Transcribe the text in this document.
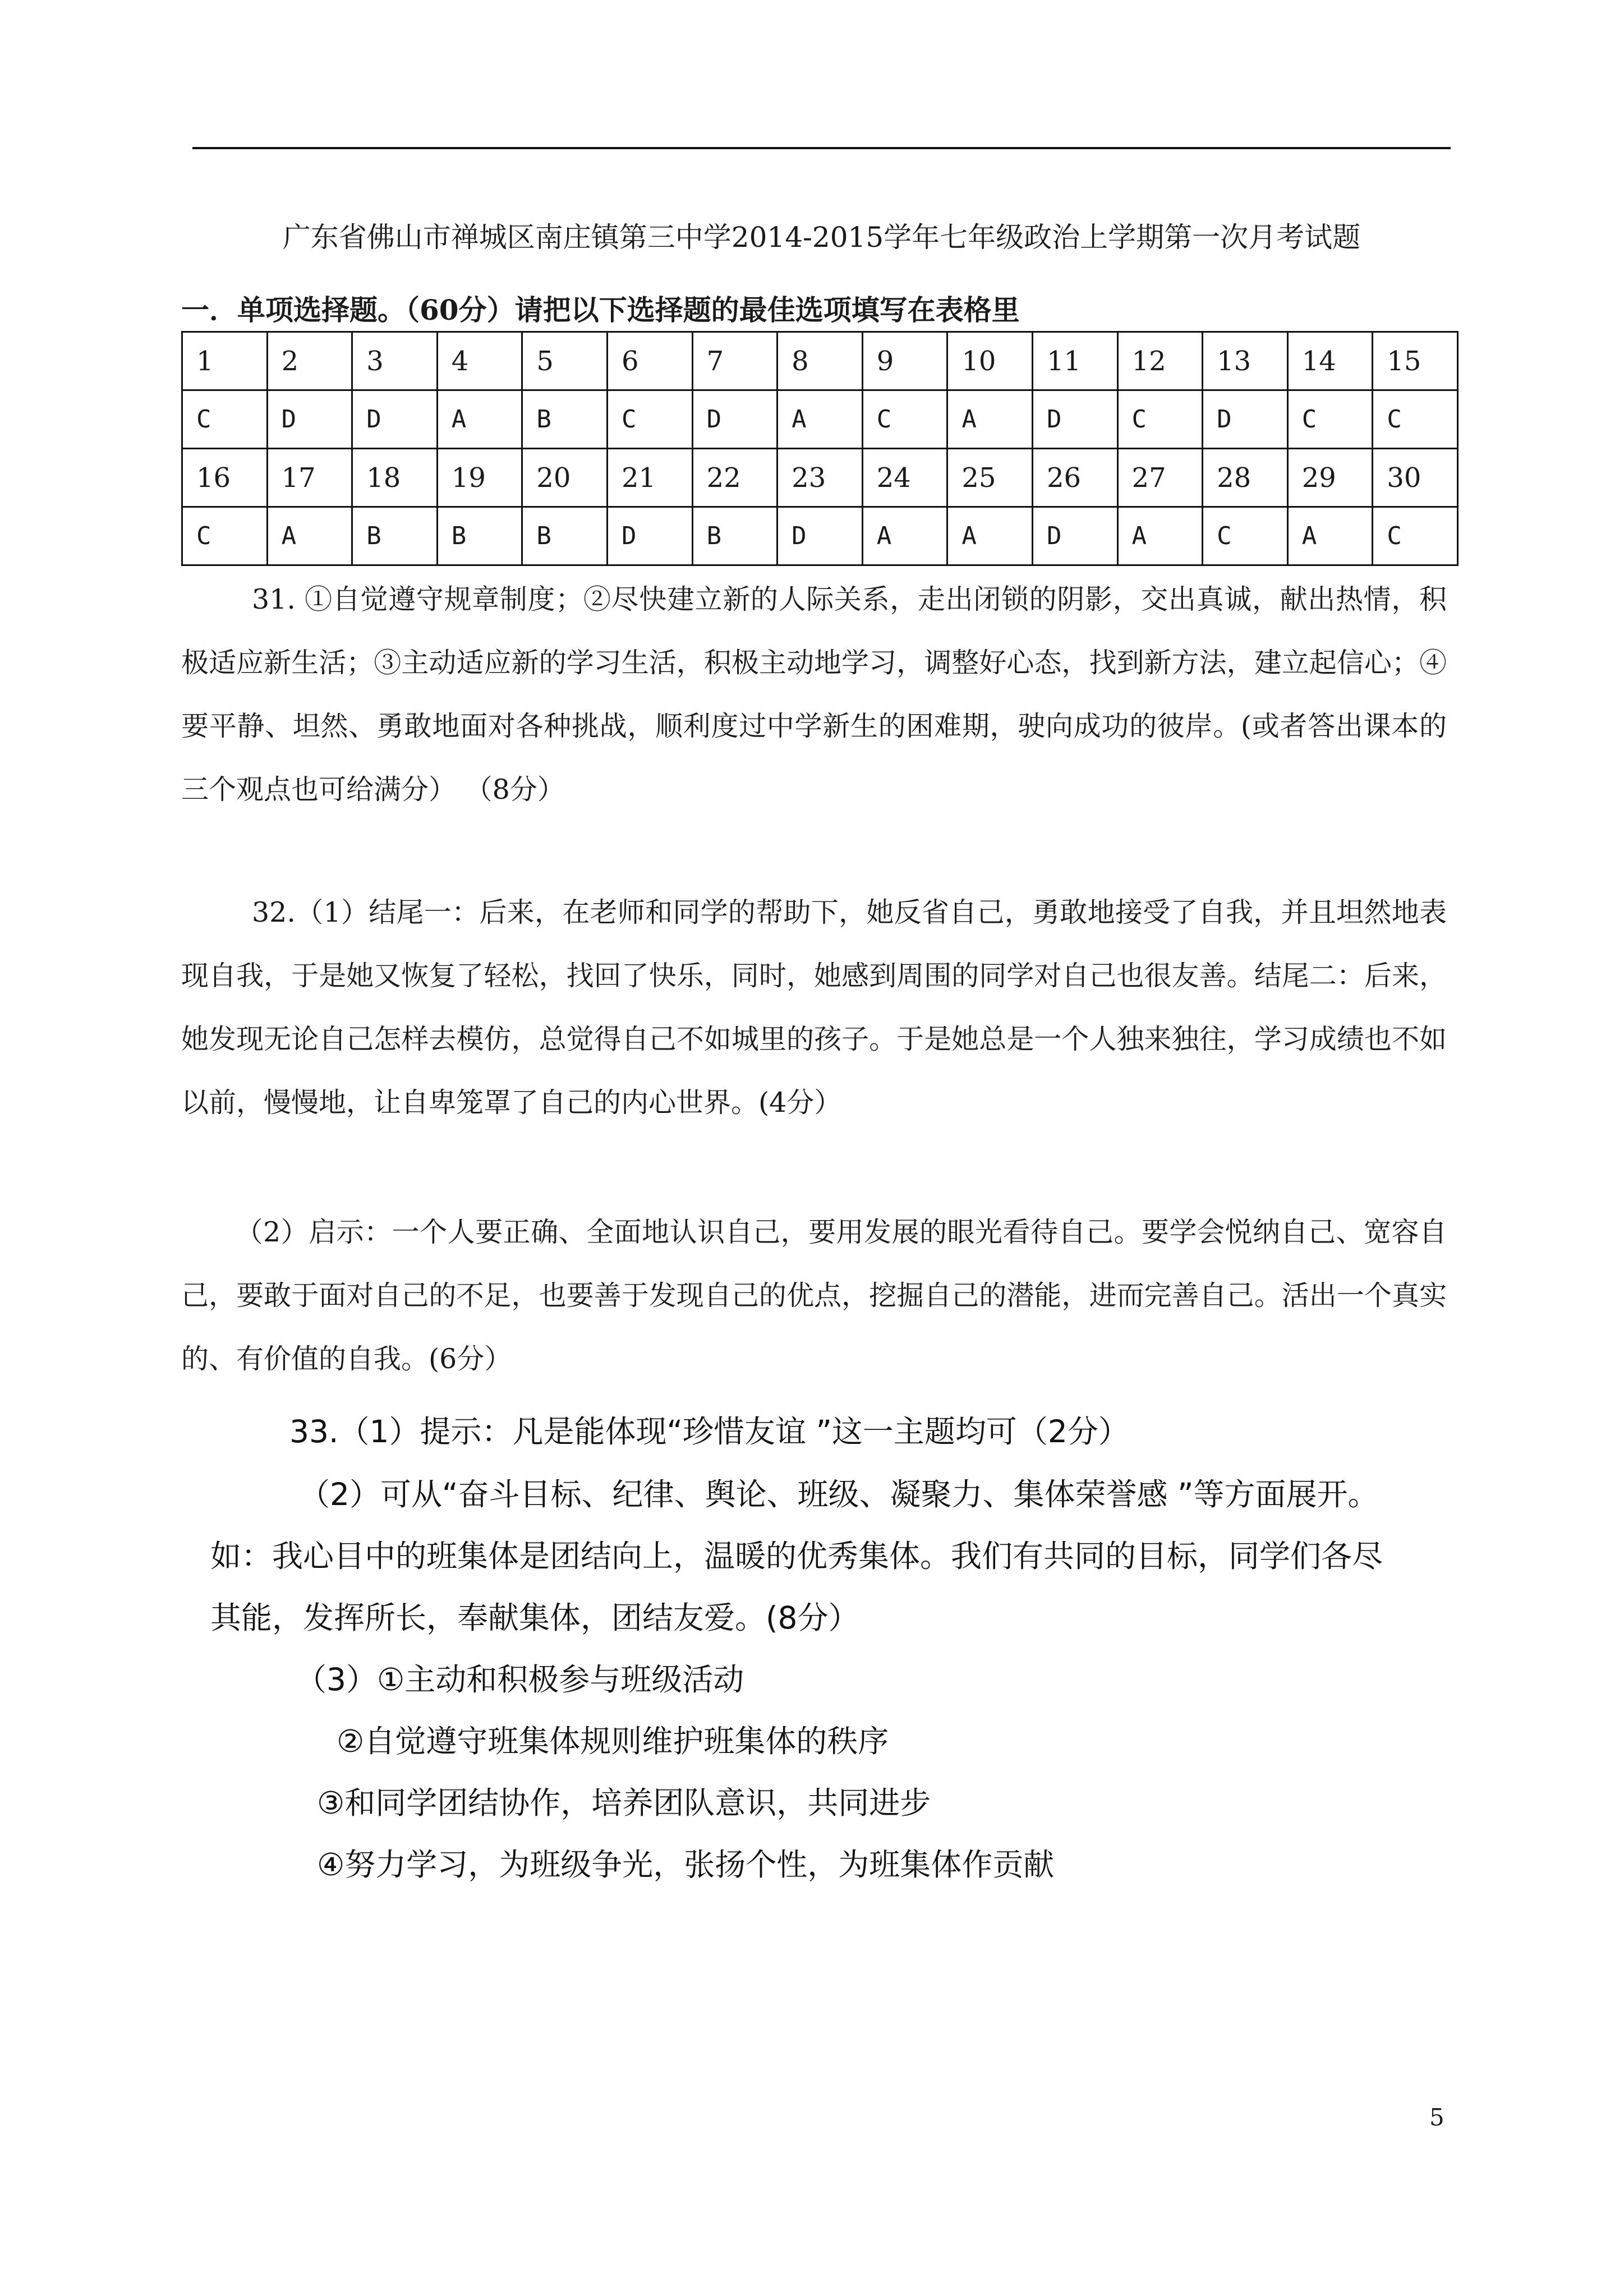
广东省佛山市禅城区南庄镇第三中学2014-2015学年七年级政治上学期第一次月考试题
一．单项选择题。（60分）请把以下选择题的最佳选项填写在表格里
1	2	3	4	5	6	7	8	9	10	11	12	13	14	15
C	D	D	A	B	C	D	A	C	A	D	C	D	C	C
16	17	18	19	20	21	22	23	24	25	26	27	28	29	30
C	A	B	B	B	D	B	D	A	A	D	A	C	A	C
31. ①自觉遵守规章制度；②尽快建立新的人际关系，走出闭锁的阴影，交出真诚，献出热情，积极适应新生活；③主动适应新的学习生活，积极主动地学习，调整好心态，找到新方法，建立起信心；④要平静、坦然、勇敢地面对各种挑战，顺利度过中学新生的困难期，驶向成功的彼岸。(或者答出课本的三个观点也可给满分） （8分）
32.（1）结尾一：后来，在老师和同学的帮助下，她反省自己，勇敢地接受了自我，并且坦然地表现自我，于是她又恢复了轻松，找回了快乐，同时，她感到周围的同学对自己也很友善。结尾二：后来，她发现无论自己怎样去模仿，总觉得自己不如城里的孩子。于是她总是一个人独来独往，学习成绩也不如以前，慢慢地，让自卑笼罩了自己的内心世界。(4分）
（2）启示：一个人要正确、全面地认识自己，要用发展的眼光看待自己。要学会悦纳自己、宽容自己，要敢于面对自己的不足，也要善于发现自己的优点，挖掘自己的潜能，进而完善自己。活出一个真实的、有价值的自我。(6分）
33.（1）提示：凡是能体现“珍惜友谊 ”这一主题均可（2分）
（2）可从“奋斗目标、纪律、舆论、班级、凝聚力、集体荣誉感 ”等方面展开。
如：我心目中的班集体是团结向上，温暖的优秀集体。我们有共同的目标，同学们各尽
其能，发挥所长，奉献集体，团结友爱。(8分）
（3）①主动和积极参与班级活动
②自觉遵守班集体规则维护班集体的秩序
③和同学团结协作，培养团队意识，共同进步
④努力学习，为班级争光，张扬个性，为班集体作贡献
5
